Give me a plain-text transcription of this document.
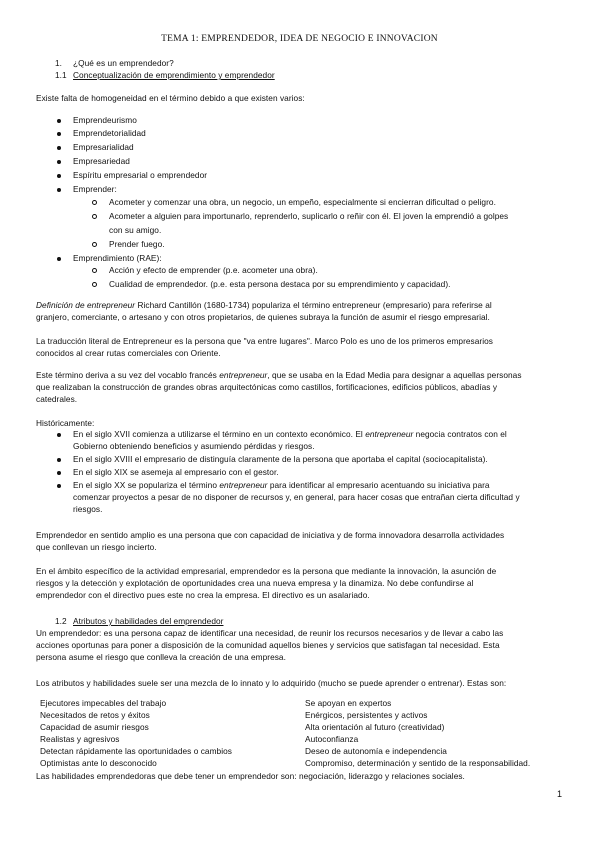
TEMA 1: EMPRENDEDOR, IDEA DE NEGOCIO E INNOVACION
1. ¿Qué es un emprendedor?
1.1 Conceptualización de emprendimiento y emprendedor
Existe falta de homogeneidad en el término debido a que existen varios:
Emprendeurismo
Emprendetorialidad
Empresarialidad
Empresariedad
Espíritu empresarial o emprendedor
Emprender:
Acometer y comenzar una obra, un negocio, un empeño, especialmente si encierran dificultad o peligro.
Acometer a alguien para importunarlo, reprenderlo, suplicarlo o reñir con él. El joven la emprendió a golpes
con su amigo.
Prender fuego.
Emprendimiento (RAE):
Acción y efecto de emprender (p.e. acometer una obra).
Cualidad de emprendedor. (p.e. esta persona destaca por su emprendimiento y capacidad).
Definición de entrepreneur Richard Cantillón (1680-1734) populariza el término entrepreneur (empresario) para referirse al
granjero, comerciante, o artesano y con otros propietarios, de quienes subraya la función de asumir el riesgo empresarial.
La traducción literal de Entrepreneur es la persona que "va entre lugares". Marco Polo es uno de los primeros empresarios
conocidos al crear rutas comerciales con Oriente.
Este término deriva a su vez del vocablo francés entrepreneur, que se usaba en la Edad Media para designar a aquellas personas
que realizaban la construcción de grandes obras arquitectónicas como castillos, fortificaciones, edificios públicos, abadías y
catedrales.
Históricamente:
En el siglo XVII comienza a utilizarse el término en un contexto económico. El entrepreneur negocia contratos con el
Gobierno obteniendo beneficios y asumiendo pérdidas y riesgos.
En el siglo XVIII el empresario de distinguía claramente de la persona que aportaba el capital (sociocapitalista).
En el siglo XIX se asemeja al empresario con el gestor.
En el siglo XX se populariza el término entrepreneur para identificar al empresario acentuando su iniciativa para
comenzar proyectos a pesar de no disponer de recursos y, en general, para hacer cosas que entrañan cierta dificultad y
riesgos.
Emprendedor en sentido amplio es una persona que con capacidad de iniciativa y de forma innovadora desarrolla actividades
que conllevan un riesgo incierto.
En el ámbito específico de la actividad empresarial, emprendedor es la persona que mediante la innovación, la asunción de
riesgos y la detección y explotación de oportunidades crea una nueva empresa y la dinamiza. No debe confundirse al
emprendedor con el directivo pues este no crea la empresa. El directivo es un asalariado.
1.2 Atributos y habilidades del emprendedor
Un emprendedor: es una persona capaz de identificar una necesidad, de reunir los recursos necesarios y de llevar a cabo las
acciones oportunas para poner a disposición de la comunidad aquellos bienes y servicios que satisfagan tal necesidad. Esta
persona asume el riesgo que conlleva la creación de una empresa.
Los atributos y habilidades suele ser una mezcla de lo innato y lo adquirido (mucho se puede aprender o entrenar). Estas son:
Ejecutores impecables del trabajo
Necesitados de retos y éxitos
Capacidad de asumir riesgos
Realistas y agresivos
Detectan rápidamente las oportunidades o cambios
Optimistas ante lo desconocido
Se apoyan en expertos
Enérgicos, persistentes y activos
Alta orientación al futuro (creatividad)
Autoconfianza
Deseo de autonomía e independencia
Compromiso, determinación y sentido de la responsabilidad.
Las habilidades emprendedoras que debe tener un emprendedor son: negociación, liderazgo y relaciones sociales.
1
